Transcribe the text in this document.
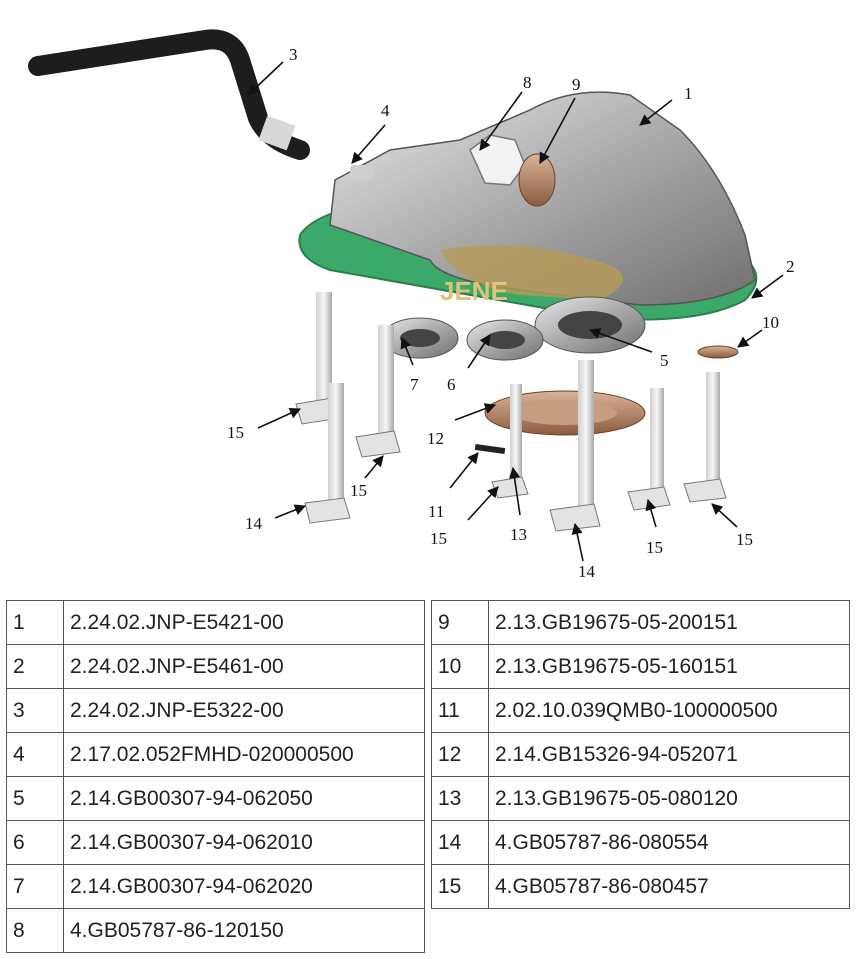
JENE
1
2
3
4
5
6
7
8 9
10
11
12
13
14
15
15
15	15	15
14
1	2.24.02.JNP-E5421-00
2	2.24.02.JNP-E5461-00
3	2.24.02.JNP-E5322-00
4	2.17.02.052FMHD-020000500
5	2.14.GB00307-94-062050
6	2.14.GB00307-94-062010
7	2.14.GB00307-94-062020
8	4.GB05787-86-120150
9	2.13.GB19675-05-200151
10	2.13.GB19675-05-160151
11	2.02.10.039QMB0-100000500
12	2.14.GB15326-94-052071
13	2.13.GB19675-05-080120
14	4.GB05787-86-080554
15	4.GB05787-86-080457
